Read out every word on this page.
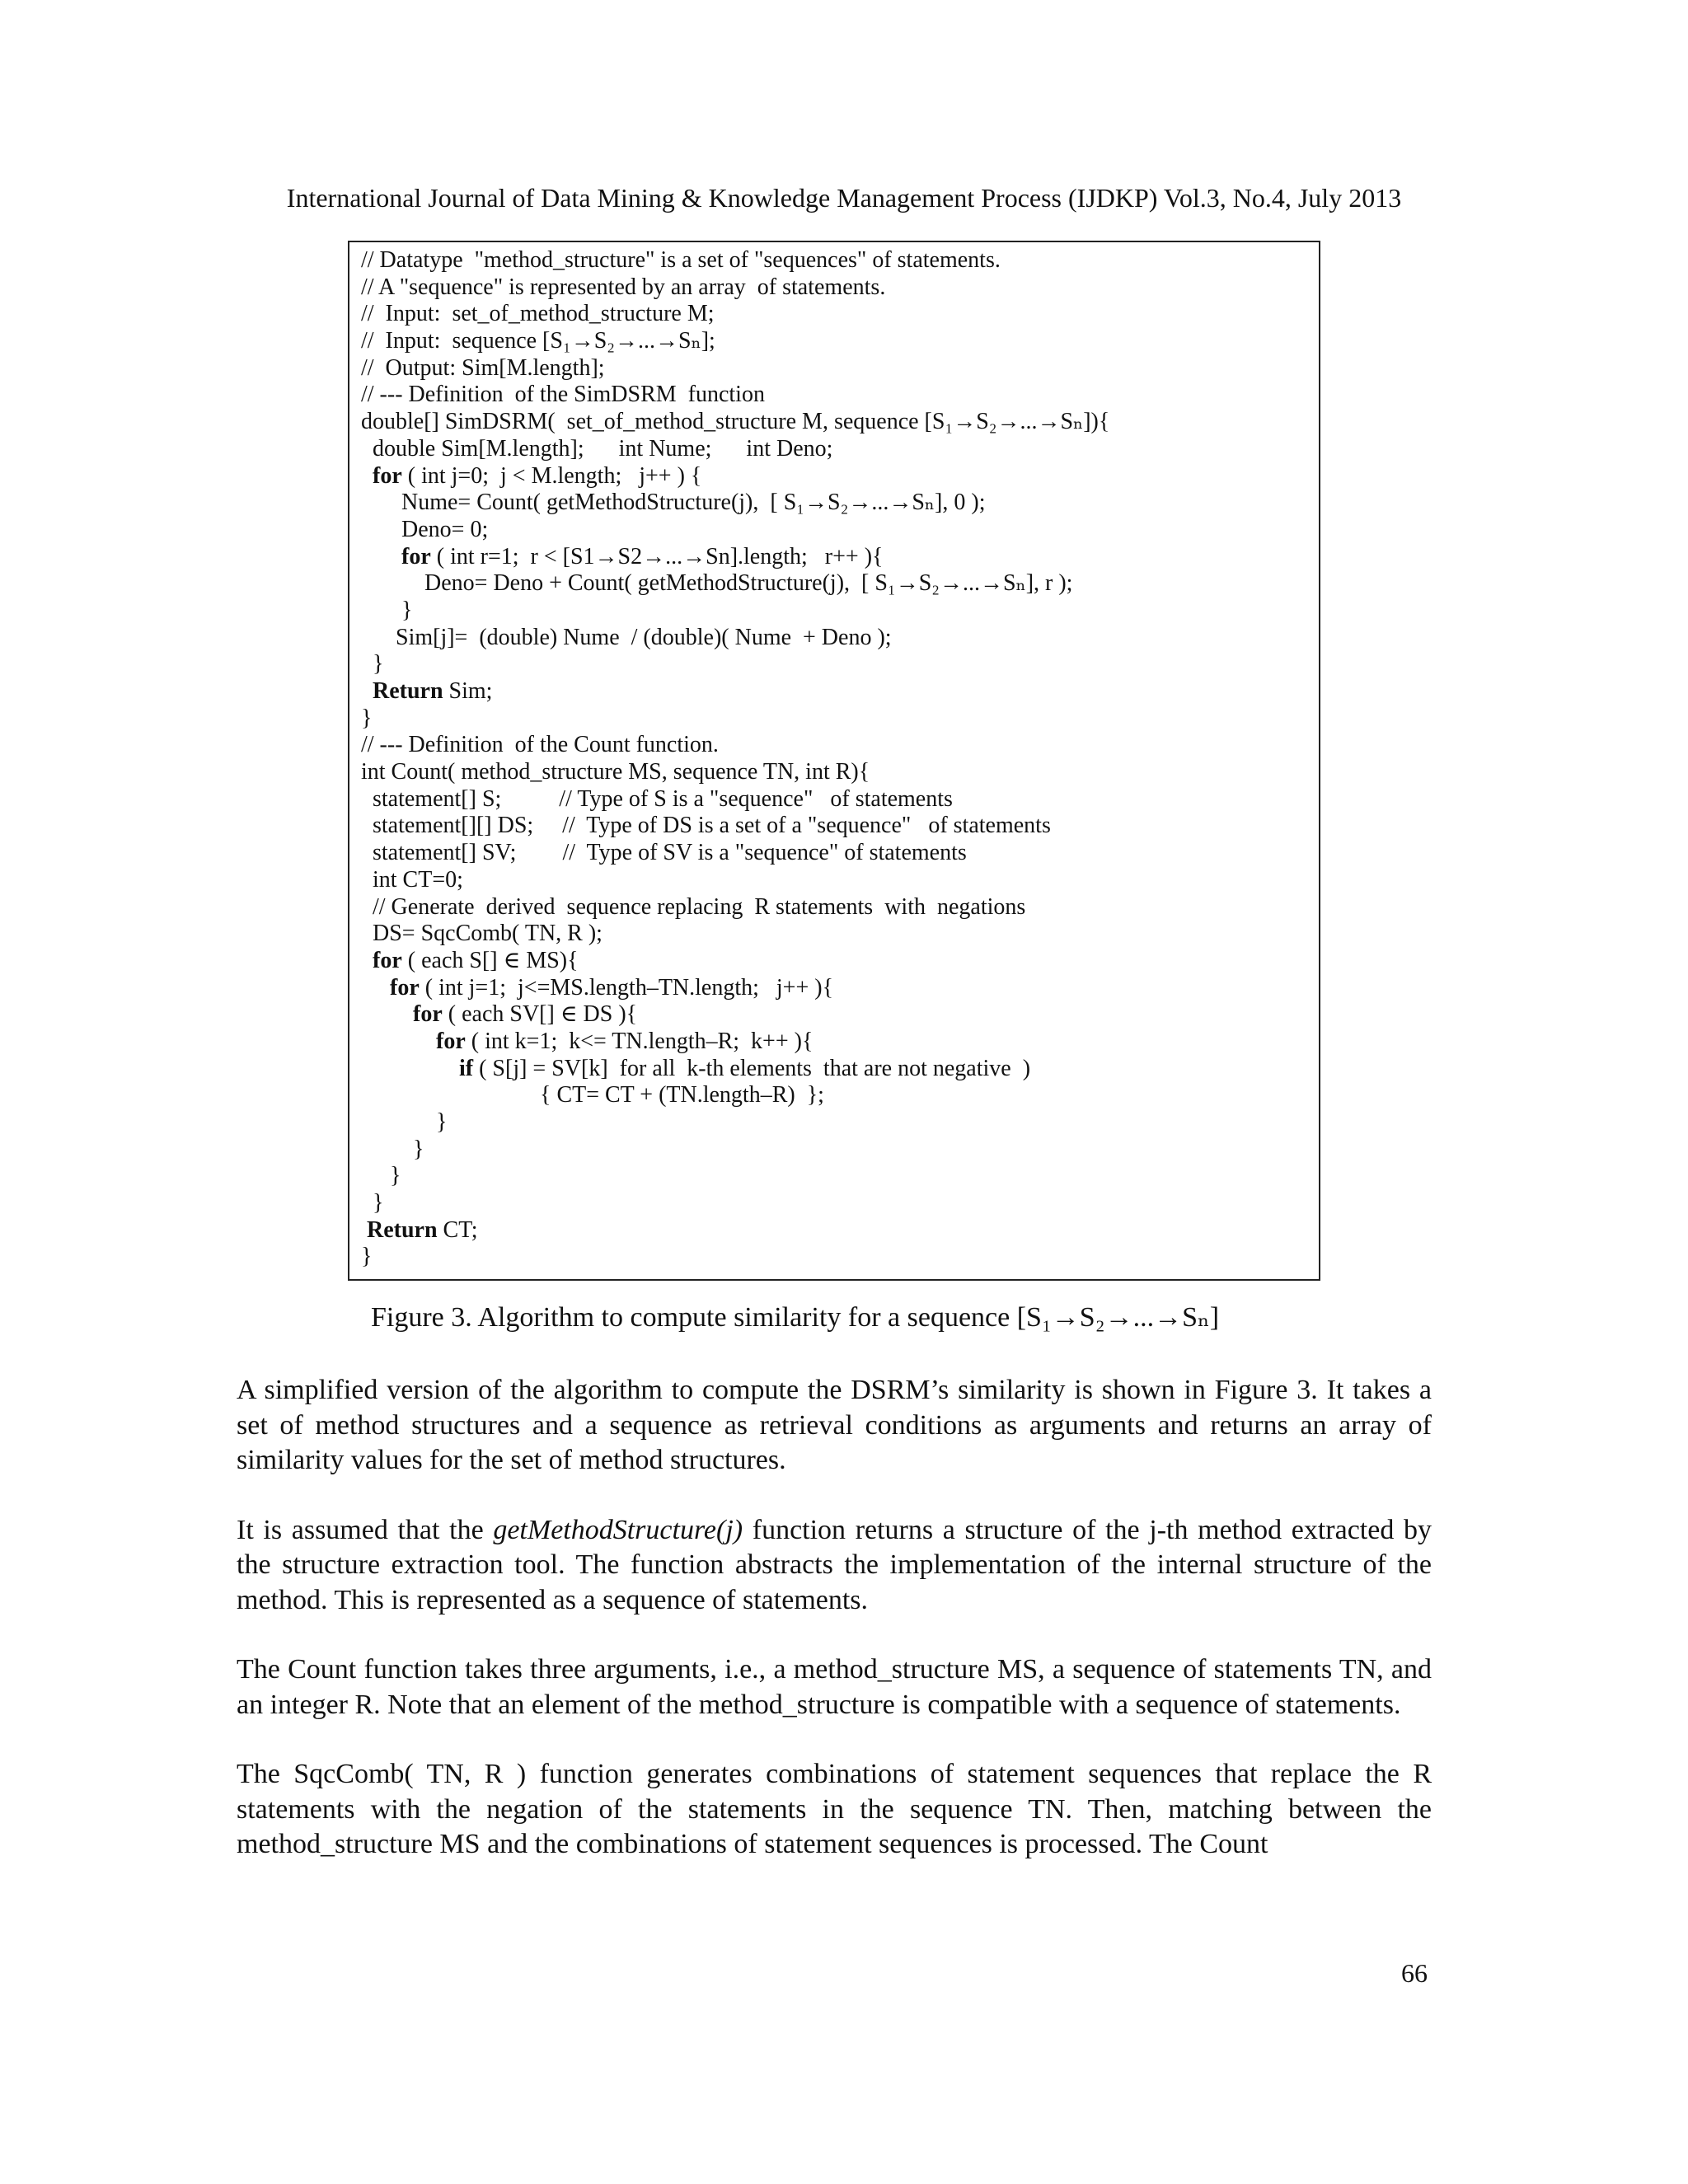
International Journal of Data Mining & Knowledge Management Process (IJDKP) Vol.3, No.4, July 2013
// Datatype  "method_structure" is a set of "sequences" of statements.
// A "sequence" is represented by an array  of statements.
//  Input:  set_of_method_structure M;
//  Input:  sequence [S₁→S₂→...→Sₙ];
//  Output: Sim[M.length];
// --- Definition  of the SimDSRM  function
double[] SimDSRM(  set_of_method_structure M, sequence [S₁→S₂→...→Sₙ]){
double Sim[M.length];      int Nume;      int Deno;
for ( int j=0;  j < M.length;   j++ ) {
Nume= Count( getMethodStructure(j),  [ S₁→S₂→...→Sₙ], 0 );
Deno= 0;
for ( int r=1;  r < [S1→S2→...→Sn].length;   r++ ){
Deno= Deno + Count( getMethodStructure(j),  [ S₁→S₂→...→Sₙ], r );
}
Sim[j]=  (double) Nume  / (double)( Nume  + Deno );
}
Return Sim;
}
// --- Definition  of the Count function.
int Count( method_structure MS, sequence TN, int R){
statement[] S;          // Type of S is a "sequence"   of statements
statement[][] DS;     //  Type of DS is a set of a "sequence"   of statements
statement[] SV;        //  Type of SV is a "sequence" of statements
int CT=0;
// Generate  derived  sequence replacing  R statements  with  negations
DS= SqcComb( TN, R );
for ( each S[] ∈ MS){
for ( int j=1;  j<=MS.length–TN.length;   j++ ){
for ( each SV[] ∈ DS ){
for ( int k=1;  k<= TN.length–R;  k++ ){
if ( S[j] = SV[k]  for all  k-th elements  that are not negative  )
{ CT= CT + (TN.length–R)  };
}
}
}
}
Return CT;
}
Figure 3. Algorithm to compute similarity for a sequence [S₁→S₂→...→Sₙ]

A simplified version of the algorithm to compute the DSRM’s similarity is shown in Figure 3. It takes a set of method structures and a sequence as retrieval conditions as arguments and returns an array of similarity values for the set of method structures.

It is assumed that the getMethodStructure(j) function returns a structure of the j-th method extracted by the structure extraction tool. The function abstracts the implementation of the internal structure of the method. This is represented as a sequence of statements.

The Count function takes three arguments, i.e., a method_structure MS, a sequence of statements TN, and an integer R. Note that an element of the method_structure is compatible with a sequence of statements.

The SqcComb( TN, R ) function generates combinations of statement sequences that replace the R statements with the negation of the statements in the sequence TN. Then, matching between the method_structure MS and the combinations of statement sequences is processed. The Count

66
